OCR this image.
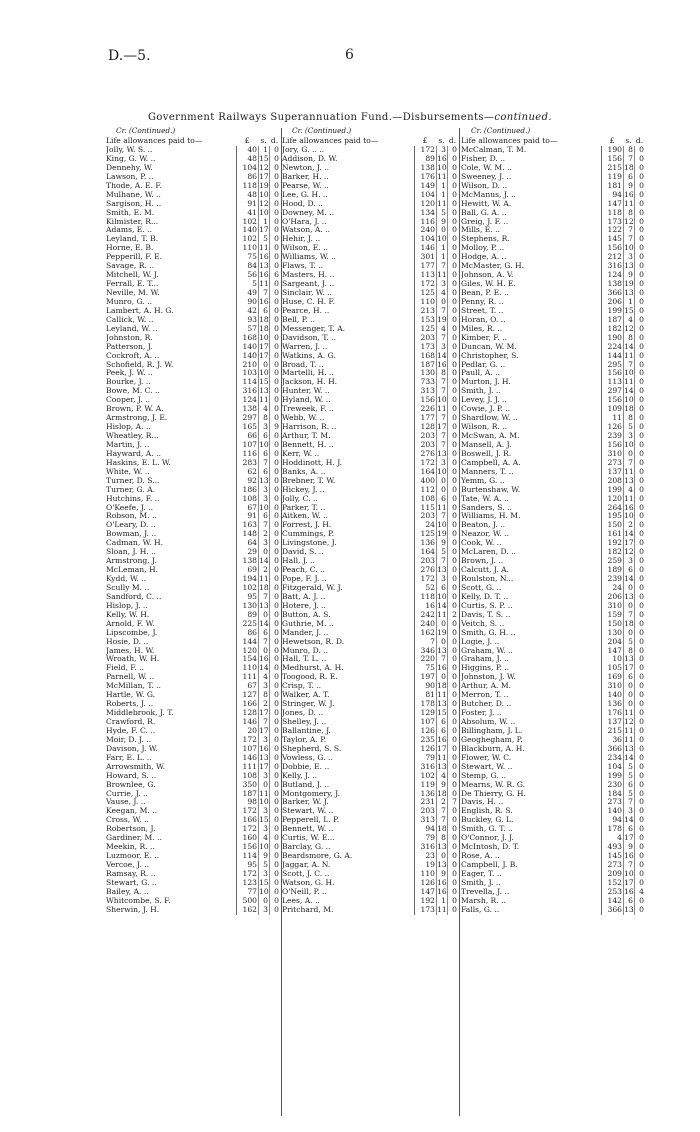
D.—5.	6
Government Railways Superannuation Fund.—Disbursements—continued.
Cr. (Continued.)
Life allowances paid to—	£	s. d.
Jolly, W. S. ..	40 1 0
King, G. W. ..	48 15 0
Dennehy, W.	104 12 0
Lawson, P. ..	86 17 0
Thode, A. E. F.	118 19 0
Mulhane, W. ..	48 10 0
Sargison, H. ..	91 12 0
Smith, E. M.	41 10 0
Kilmister, R...	102 1 0
Adams, E. ..	140 17 0
Leyland, T. B.	102 5 0
Horne, E. B.	110 11 0
Pepperill, F. E.	75 16 0
Savage, R. ..	84 13 0
Mitchell, W. J.	56 16 6
Ferrall, E. T...	5 11 0
Neville, M. W.	49 7 0
Munro, G. ..	90 16 0
Lambert, A. H. G.	42 6 0
Callick, W. ..	93 18 0
Leyland, W. ..	57 18 0
Johnston, R.	168 10 0
Patterson, J.	140 17 0
Cockroft, A. ..	140 17 0
Schofield, R. J. W.	210 0 0
Peek, J. W. ..	103 10 0
Bourke, J. ..	114 15 0
Bowe, M. C. ..	316 13 0
Cooper, J. ..	124 11 0
Brown, P. W. A.	138 4 0
Armstrong, J. E.	297 8 0
Hislop, A. ..	165 3 9
Wheatley, R...	66 6 0
Martin, J. ..	107 10 0
Hayward, A. ..	116 6 0
Haskins, E. L. W.	283 7 0
White, W. ..	62 6 0
Turner, D. S...	92 13 0
Turner, G. A.	186 3 0
Hutchins, F. ..	108 3 0
O'Keefe, J. ..	67 10 0
Robson, M. ..	91 6 0
O'Leary, D. ..	163 7 0
Bowman, J. ..	148 2 0
Cadman, W. H.	64 3 0
Sloan, J. H. ..	29 0 0
Armstrong, J.	138 14 0
McLeman, H.	69 2 0
Kydd, W. ..	194 11 0
Scully M. ..	102 18 0
Sandford, C. ..	95 7 0
Hislop, J. ..	130 13 0
Kelly, W. H.	89 0 0
Arnold, F. W.	225 14 0
Lipscombe, J.	86 6 0
Hosie, D. ..	144 7 0
James, H. W.	120 0 0
Wroath, W. H.	154 16 0
Field, F. ..	110 14 0
Parnell, W. ..	111 4 0
McMillan, T. ..	67 3 0
Hartle, W. G.	127 8 0
Roberts, J. ..	166 2 0
Middlebrook, J. T.	128 17 0
Crawford, R.	146 7 0
Hyde, F. C. ..	20 17 0
Moir, D. J. ..	172 3 0
Davison, J. W.	107 16 0
Farr, E. L. ..	146 13 0
Arrowsmith, W.	111 17 0
Howard, S. ..	108 3 0
Brownlee, G.	350 0 0
Currie, J. ..	187 11 0
Vause, J. ..	98 10 0
Keegan, M. ..	172 3 0
Cross, W. ..	166 15 0
Robertson, J.	172 3 0
Gardiner, M. ..	160 4 0
Meekin, R. ..	156 10 0
Luzmoor, E. ..	114 9 0
Vercoe, J. ..	95 5 0
Ramsay, R. ..	172 3 0
Stewart, G. ..	123 15 0
Bailey, A. ..	77 10 0
Whitcombe, S. F.	500 0 0
Sherwin, J. H.	162 3 0
Cr. (Continued.)
Life allowances paid to—	£	s. d.
Jory, G. .. ..	172 3 0
Addison, D. W.	89 16 0
Newton, J. ..	138 10 0
Barker, H. ..	176 11 0
Pearse, W. ..	149 1 0
Lee, G. H. ..	104 1 0
Hood, D. ..	120 11 0
Downey, M. ..	134 5 0
O'Hara, J. ..	116 9 0
Watson, A. ..	240 0 0
Hehir, J. ..	104 10 0
Wilson, E. ..	146 1 0
Williams, W. ..	301 1 0
Flaws, T. ..	177 7 0
Masters, H. ..	113 11 0
Sargeant, J. ..	172 3 0
Sinclair, W. ..	125 4 0
Huse, C. H. F.	110 0 0
Pearce, H. ..	213 7 0
Bell, P. ..	153 19 0
Messenger, T. A.	125 4 0
Davidson, T. ..	203 7 0
Warren, J. ..	173 3 0
Watkins, A. G.	168 14 0
Broad, T. ..	187 16 0
Martelli, H. ..	130 8 0
Jackson, H. H.	733 7 0
Hunter, W. ..	313 7 0
Hyland, W. ..	156 10 0
Treweek, F. ..	226 11 0
Webb, W. ..	177 7 0
Harrison, R. ..	128 17 0
Arthur, T. M.	203 7 0
Bennett, H. ..	203 7 0
Kerr, W. ..	276 13 0
Hoddinott, H. J.	172 3 0
Banks, A. ..	164 10 0
Brebner, T. W.	400 0 0
Hickey, J. ..	112 0 0
Jolly, C. ..	108 6 0
Parker, T. ..	115 11 0
Aitken, W. ..	203 7 0
Forrest, J. H.	24 10 0
Cummings, P.	125 19 0
Livingstone, J.	136 9 0
David, S. ..	164 5 0
Hall, J. ..	203 7 0
Peach, C. ..	276 13 0
Pope, F. J. ..	172 3 0
Fitzgerald, W. J.	52 6 0
Batt, A. J. ..	118 10 0
Hotere, J. ..	16 14 0
Button, A. S.	242 11 2
Guthrie, M. ..	240 0 0
Mander, J. ..	162 19 0
Hewetson, R. D.	7 0 0
Munro, D. ..	346 13 0
Hall, T. L. ..	220 7 0
Medhurst, A. H.	75 16 0
Toogood, R. E.	197 0 0
Crisp, T. ..	90 18 0
Walker, A. T.	81 11 0
Stringer, W. J.	178 13 0
Jones, D. ..	129 15 0
Shelley, J. ..	107 6 0
Ballantine, J.	126 6 0
Taylor, A. P.	235 16 0
Shepherd, S. S.	126 17 0
Vowless, G. ..	79 11 0
Dobbie, E. ..	316 13 0
Kelly, J. ..	102 4 0
Butland, J. ..	119 9 0
Montgomery, J.	136 18 0
Barker, W. J.	231 2 7
Stewart, W. ..	203 7 0
Pepperell, L. P.	313 7 0
Bennett, W. ..	94 18 0
Curtis, W. E...	79 8 0
Barclay, G. ..	316 13 0
Beardsmore, G. A.	23 0 0
Jaggar, A. N.	19 13 0
Scott, J. C. ..	110 9 0
Watson, G. H.	126 16 0
O'Neill, P. ..	147 16 0
Lees, A. ..	192 1 0
Pritchard, M.	173 11 0
Cr. (Continued.)
Life allowances paid to—	£	s. d.
McCalman, T. M.	190 8 0
Fisher, D. ..	156 7 0
Cole, W. M. ..	215 18 0
Sweeney, J. ..	119 6 0
Wilson, D. ..	181 9 0
McManus, J. ..	94 16 0
Hewitt, W. A.	147 11 0
Ball, G. A. ..	118 8 0
Greig, J. F. ..	173 12 0
Mills, E. ..	122 7 0
Stephens, R.	145 7 0
Molloy, P. ..	156 10 0
Hodge, A. ..	212 3 0
McMaster, G. H.	316 13 0
Johnson, A. V.	124 9 0
Giles, W. H. E.	138 19 0
Bean, P. E. ..	366 13 0
Penny, R. ..	206 1 0
Street, T. ..	199 15 0
Horan, O. ..	187 4 0
Miles, R. ..	182 12 0
Kimber, F. ..	190 8 0
Duncan, W. M.	224 14 0
Christopher, S.	144 11 0
Pedlar, G. ..	295 7 0
Paull, A. ..	156 10 0
Murton, J. H.	113 11 0
Smith, J. ..	297 14 0
Levey, J. J. ..	156 10 0
Cowie, J. P. ..	109 18 0
Shardlow, W. ..	11 8 0
Wilson, R. ..	126 5 0
McSwan, A. M.	239 3 0
Mansell, A. J.	156 10 0
Boswell, J. R.	310 0 0
Campbell, A. A.	273 7 0
Manners, T. ..	137 11 0
Yemm, G. ..	208 13 0
Burtenshaw, W.	199 4 0
Tate, W. A. ..	120 11 0
Sanders, S. ..	264 16 0
Williams, H. M.	195 10 0
Beaton, J. ..	150 2 0
Neazor, W. ..	161 14 0
Cook, W. ..	192 17 0
McLaren, D. ..	182 12 0
Brown, J. ..	259 3 0
Calcutt, J. A.	189 6 0
Roulston, N...	239 14 0
Scott, G. ..	24 0 0
Kelly, D. T. ..	206 13 0
Curtis, S. P. ..	310 0 0
Davis, T. S. ..	159 7 0
Veitch, S. ..	150 18 0
Smith, G. H. ..	130 0 0
Logie, J. ..	204 5 0
Graham, W. ..	147 8 0
Graham, J. ..	10 13 0
Higgins, P. ..	105 17 0
Johnston, J. W.	169 6 0
Arthur, A. M.	310 0 0
Merron, T. ..	140 0 0
Butcher, D. ..	136 0 0
Foster, J. ..	176 11 0
Absolum, W. ..	137 12 0
Billingham, J. L.	215 11 0
Geoghegham, P.	36 11 0
Blackburn, A. H.	366 13 0
Flower, W. C.	234 14 0
Stewart, W. ..	104 5 0
Stemp, G. ..	199 5 0
Mearns, W. R. G.	230 6 0
De Thierry, G. H.	184 5 0
Davis, H. ..	273 7 0
English, R. S.	140 3 0
Buckley, G. L.	94 14 0
Smith, G. T. ..	178 6 0
O'Connor, J. J.	4 17 0
McIntosh, D. T.	493 9 0
Rose, A. ..	145 16 0
Campbell, J. B.	273 7 0
Eager, T. ..	209 10 0
Smith, J. ..	152 17 0
Trevella, J. ..	253 16 4
Marsh, R. ..	142 6 0
Falls, G. ..	366 13 0
